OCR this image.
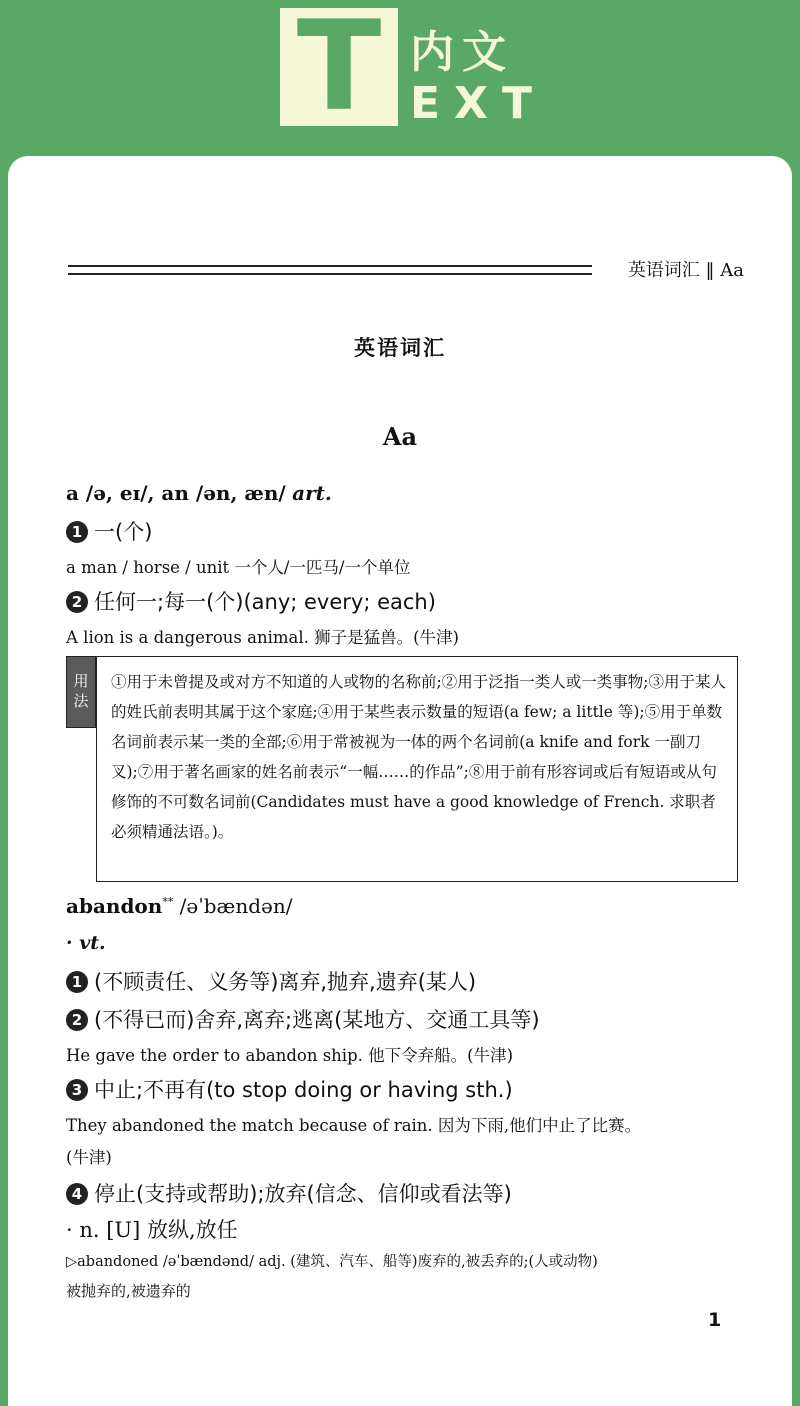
T 内文
EXT
英语词汇 ‖ Aa
英语词汇
Aa
a /ə, eɪ/, an /ən, æn/ art.
1 一(个)
a man / horse / unit 一个人/一匹马/一个单位
2 任何一;每一(个)(any; every; each)
A lion is a dangerous animal. 狮子是猛兽。(牛津)
用法
①用于未曾提及或对方不知道的人或物的名称前;②用于泛指一类人或一类事物;③用于某人的姓氏前表明其属于这个家庭;④用于某些表示数量的短语(a few; a little 等);⑤用于单数名词前表示某一类的全部;⑥用于常被视为一体的两个名词前(a knife and fork 一副刀叉);⑦用于著名画家的姓名前表示“一幅……的作品”;⑧用于前有形容词或后有短语或从句修饰的不可数名词前(Candidates must have a good knowledge of French. 求职者必须精通法语。)。
abandon** /əˈbændən/
· vt.
1 (不顾责任、义务等)离弃,抛弃,遗弃(某人)
2 (不得已而)舍弃,离弃;逃离(某地方、交通工具等)
He gave the order to abandon ship. 他下令弃船。(牛津)
3 中止;不再有(to stop doing or having sth.)
They abandoned the match because of rain. 因为下雨,他们中止了比赛。
(牛津)
4 停止(支持或帮助);放弃(信念、信仰或看法等)
· n. [U] 放纵,放任
▷abandoned /əˈbændənd/ adj. (建筑、汽车、船等)废弃的,被丢弃的;(人或动物)
被抛弃的,被遗弃的
1
